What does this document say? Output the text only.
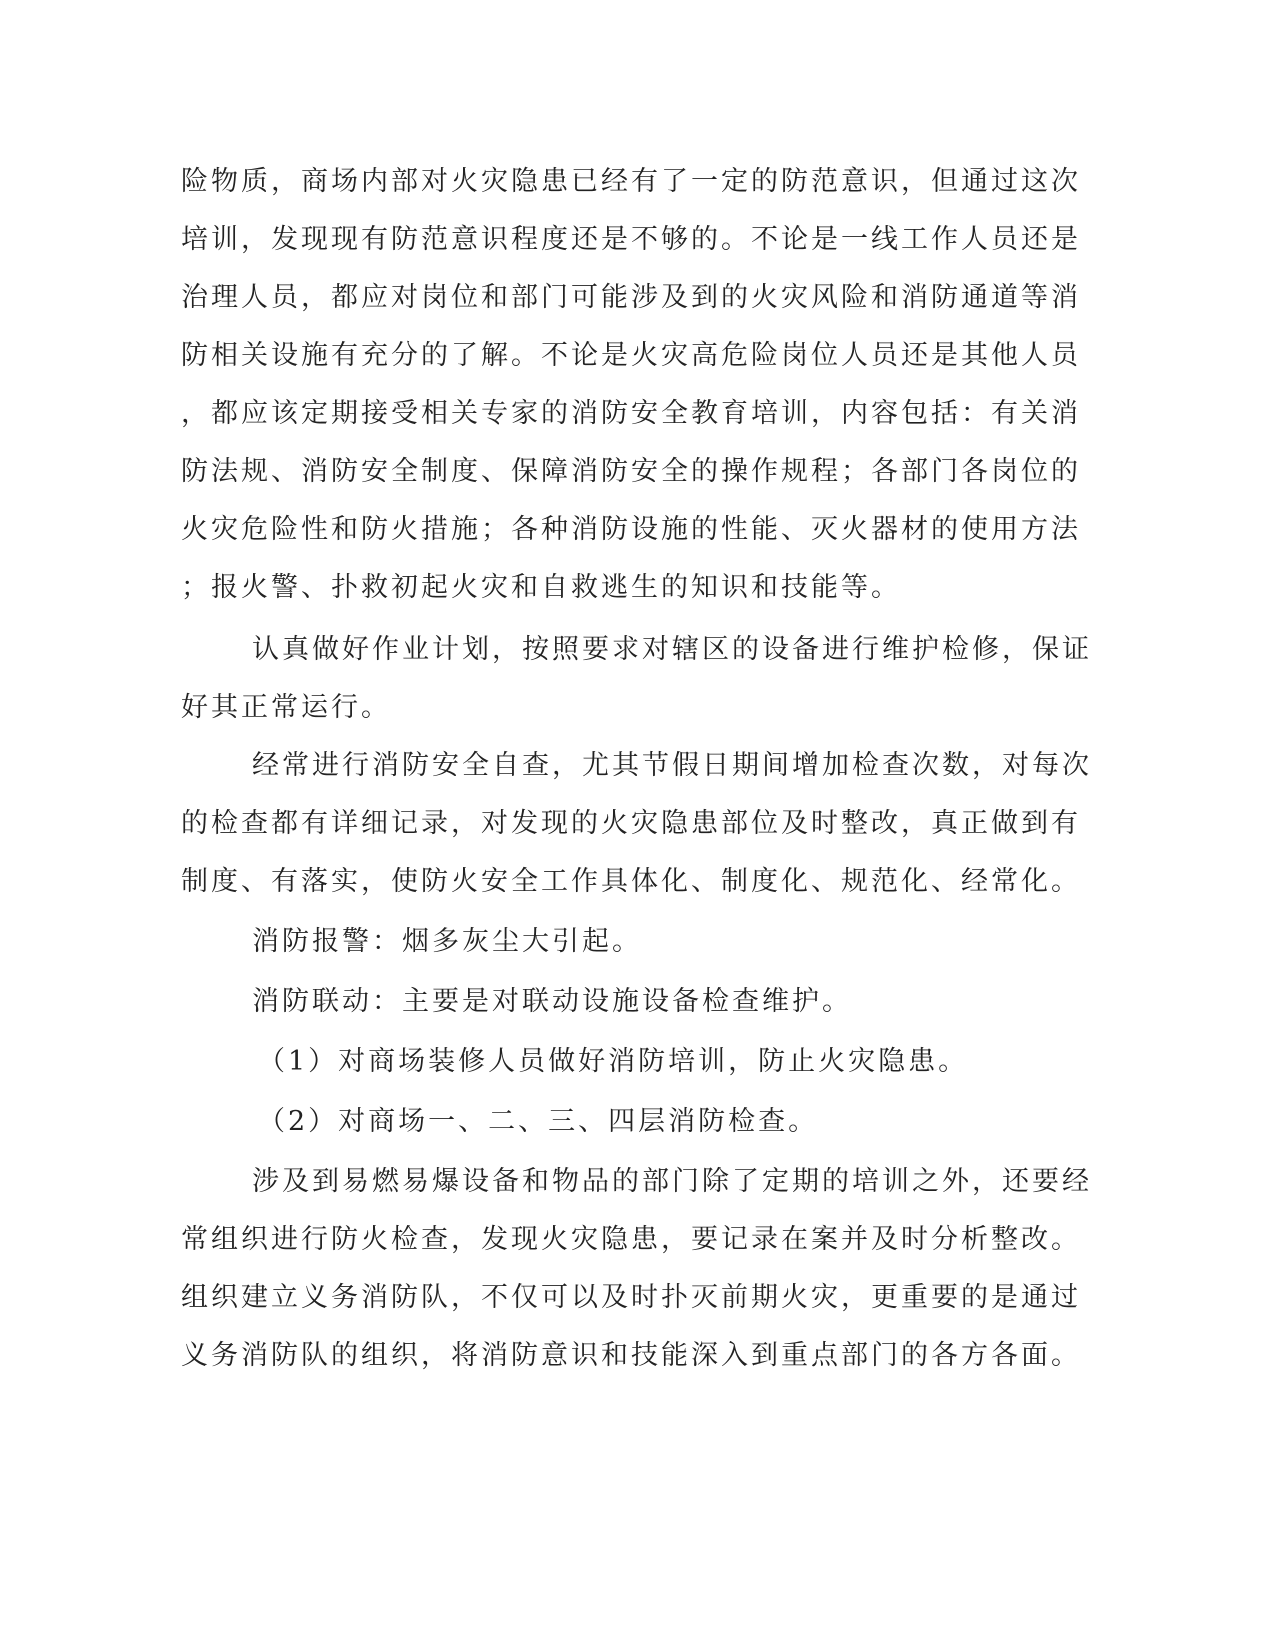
险物质，商场内部对火灾隐患已经有了一定的防范意识，但通过这次
培训，发现现有防范意识程度还是不够的。不论是一线工作人员还是
治理人员，都应对岗位和部门可能涉及到的火灾风险和消防通道等消
防相关设施有充分的了解。不论是火灾高危险岗位人员还是其他人员
，都应该定期接受相关专家的消防安全教育培训，内容包括：有关消
防法规、消防安全制度、保障消防安全的操作规程；各部门各岗位的
火灾危险性和防火措施；各种消防设施的性能、灭火器材的使用方法
；报火警、扑救初起火灾和自救逃生的知识和技能等。
认真做好作业计划，按照要求对辖区的设备进行维护检修，保证
好其正常运行。
经常进行消防安全自查，尤其节假日期间增加检查次数，对每次
的检查都有详细记录，对发现的火灾隐患部位及时整改，真正做到有
制度、有落实，使防火安全工作具体化、制度化、规范化、经常化。
消防报警：烟多灰尘大引起。
消防联动：主要是对联动设施设备检查维护。
（1）对商场装修人员做好消防培训，防止火灾隐患。
（2）对商场一、二、三、四层消防检查。
涉及到易燃易爆设备和物品的部门除了定期的培训之外，还要经
常组织进行防火检查，发现火灾隐患，要记录在案并及时分析整改。
组织建立义务消防队，不仅可以及时扑灭前期火灾，更重要的是通过
义务消防队的组织，将消防意识和技能深入到重点部门的各方各面。
